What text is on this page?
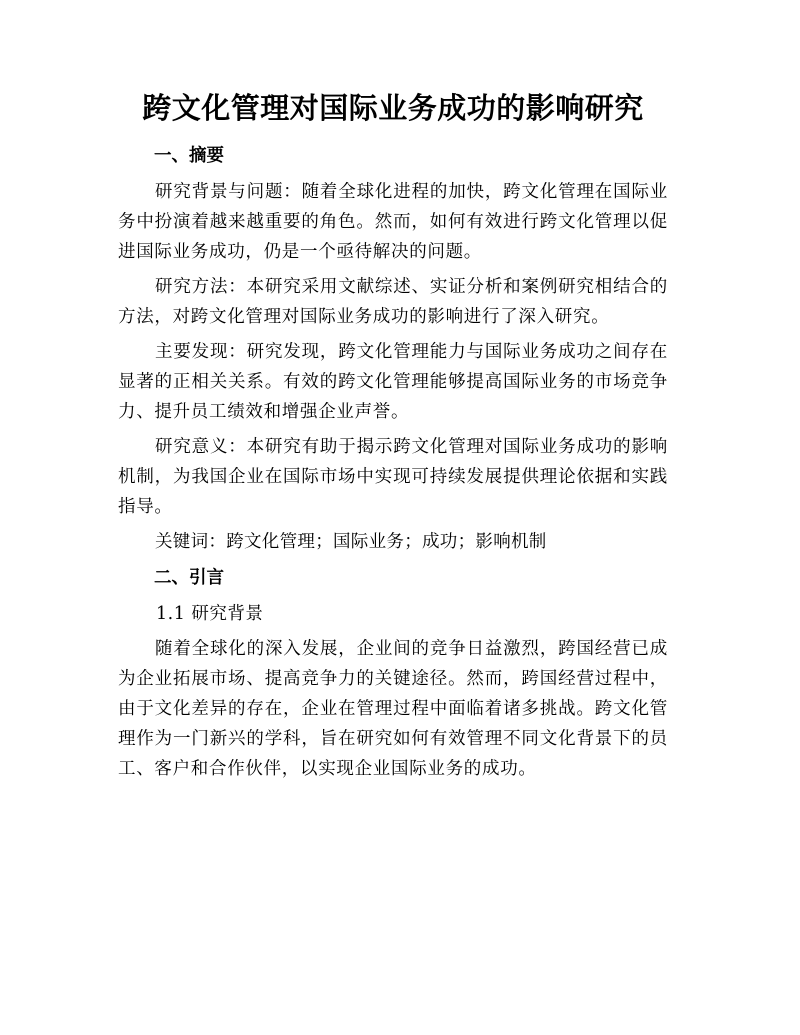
跨文化管理对国际业务成功的影响研究
一、摘要

研究背景与问题：随着全球化进程的加快，跨文化管理在国际业务中扮演着越来越重要的角色。然而，如何有效进行跨文化管理以促进国际业务成功，仍是一个亟待解决的问题。

研究方法：本研究采用文献综述、实证分析和案例研究相结合的方法，对跨文化管理对国际业务成功的影响进行了深入研究。

主要发现：研究发现，跨文化管理能力与国际业务成功之间存在显著的正相关关系。有效的跨文化管理能够提高国际业务的市场竞争力、提升员工绩效和增强企业声誉。

研究意义：本研究有助于揭示跨文化管理对国际业务成功的影响机制，为我国企业在国际市场中实现可持续发展提供理论依据和实践指导。

关键词：跨文化管理；国际业务；成功；影响机制
二、引言
1.1 研究背景

随着全球化的深入发展，企业间的竞争日益激烈，跨国经营已成为企业拓展市场、提高竞争力的关键途径。然而，跨国经营过程中，由于文化差异的存在，企业在管理过程中面临着诸多挑战。跨文化管理作为一门新兴的学科，旨在研究如何有效管理不同文化背景下的员工、客户和合作伙伴，以实现企业国际业务的成功。
